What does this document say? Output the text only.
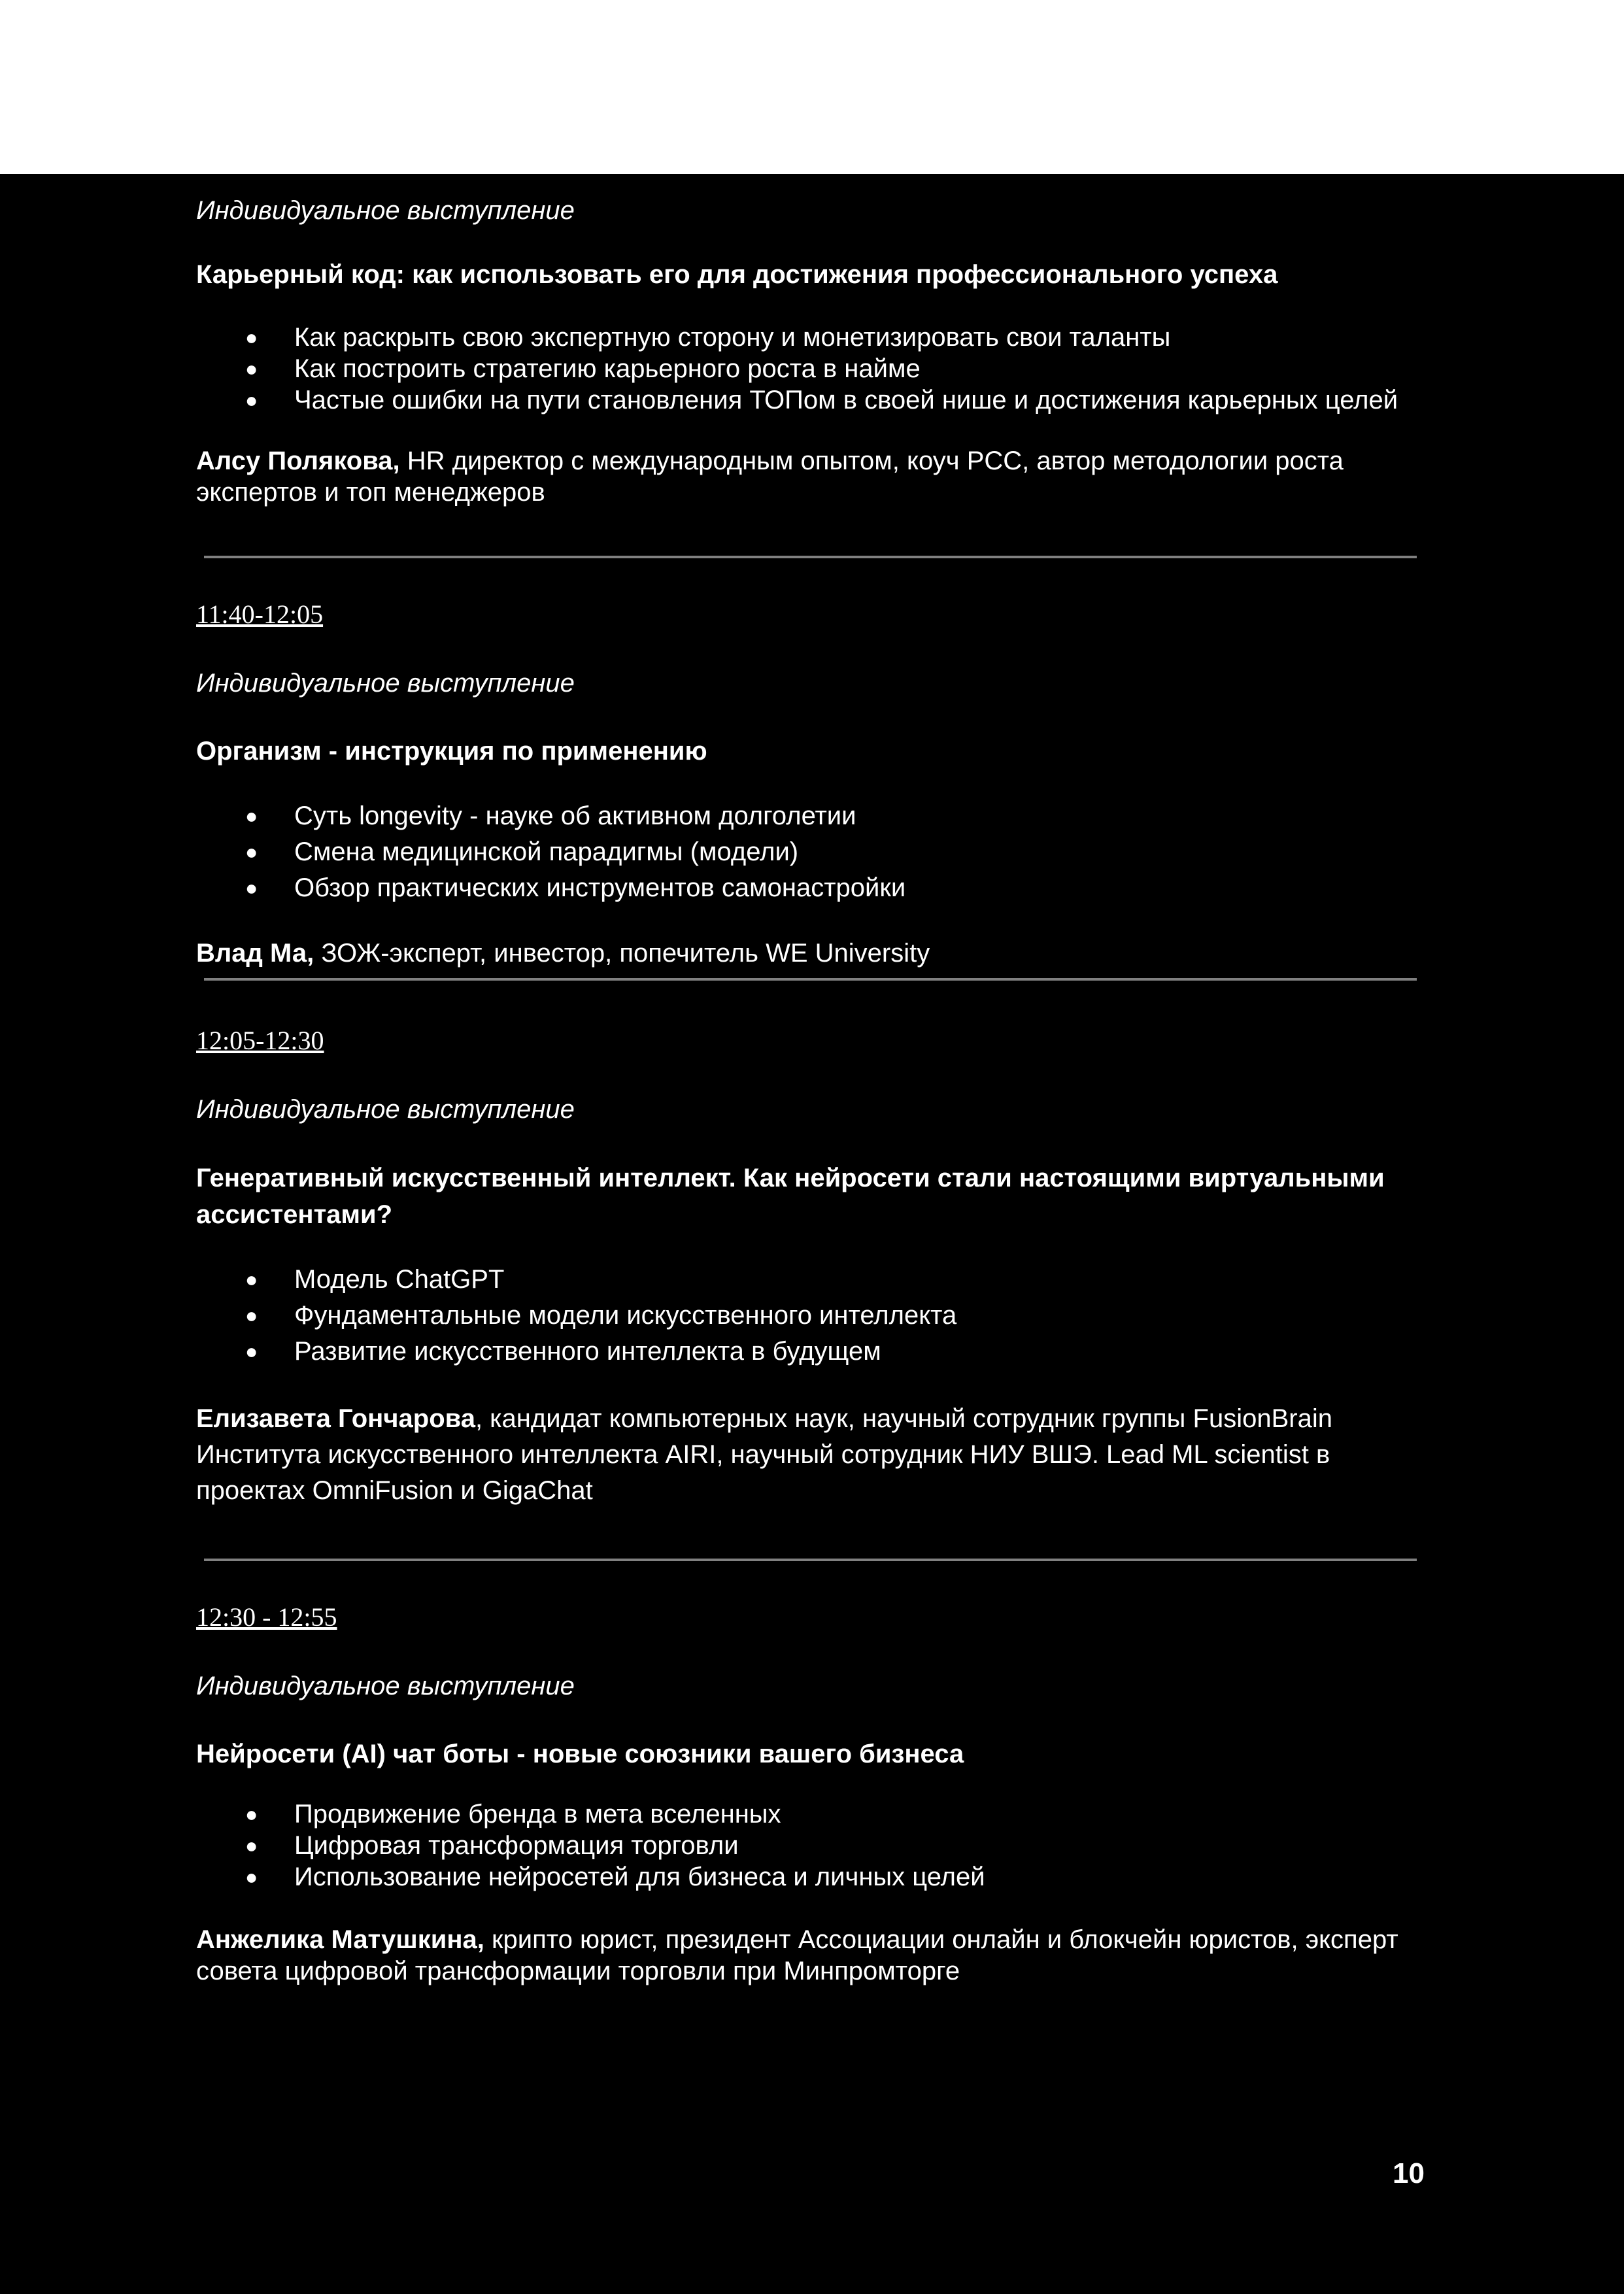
Индивидуальное выступление

Карьерный код: как использовать его для достижения профессионального успеха

● Как раскрыть свою экспертную сторону и монетизировать свои таланты
● Как построить стратегию карьерного роста в найме
● Частые ошибки на пути становления ТОПом в своей нише и достижения карьерных целей

Алсу Полякова, HR директор с международным опытом, коуч PCC, автор методологии роста экспертов и топ менеджеров

11:40-12:05

Индивидуальное выступление

Организм - инструкция по применению

● Суть longevity - науке об активном долголетии
● Смена медицинской парадигмы (модели)
● Обзор практических инструментов самонастройки

Влад Ма, ЗОЖ-эксперт, инвестор, попечитель WE University

12:05-12:30

Индивидуальное выступление

Генеративный искусственный интеллект. Как нейросети стали настоящими виртуальными ассистентами?

● Модель ChatGPT
● Фундаментальные модели искусственного интеллекта
● Развитие искусственного интеллекта в будущем

Елизавета Гончарова, кандидат компьютерных наук, научный сотрудник группы FusionBrain Института искусственного интеллекта AIRI, научный сотрудник НИУ ВШЭ. Lead ML scientist в проектах OmniFusion и GigaChat

12:30 - 12:55

Индивидуальное выступление

Нейросети (AI) чат боты - новые союзники вашего бизнеса

● Продвижение бренда в мета вселенных
● Цифровая трансформация торговли
● Использование нейросетей для бизнеса и личных целей

Анжелика Матушкина, крипто юрист, президент Ассоциации онлайн и блокчейн юристов, эксперт совета цифровой трансформации торговли при Минпромторге

10
